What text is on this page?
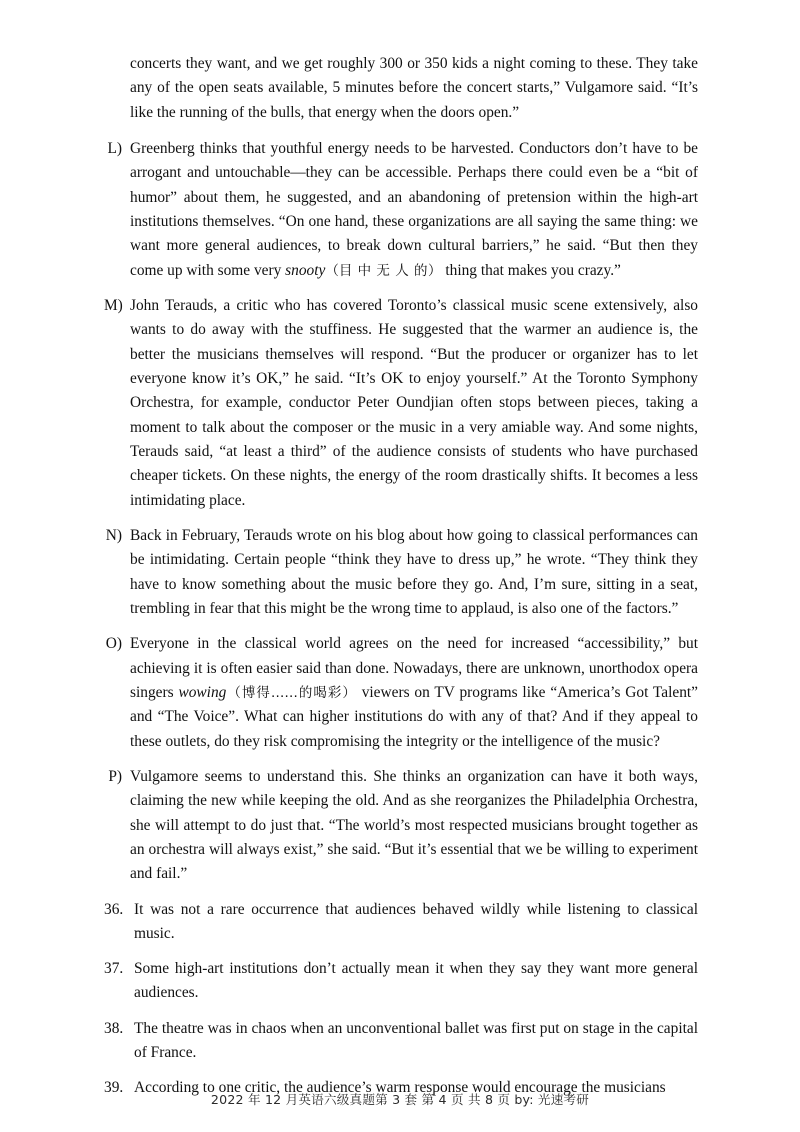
concerts they want, and we get roughly 300 or 350 kids a night coming to these. They take any of the open seats available, 5 minutes before the concert starts,” Vulgamore said. “It’s like the running of the bulls, that energy when the doors open.”
L) Greenberg thinks that youthful energy needs to be harvested. Conductors don’t have to be arrogant and untouchable—they can be accessible. Perhaps there could even be a “bit of humor” about them, he suggested, and an abandoning of pretension within the high-art institutions themselves. “On one hand, these organizations are all saying the same thing: we want more general audiences, to break down cultural barriers,” he said. “But then they come up with some very snooty（目 中 无 人 的） thing that makes you crazy.”
M) John Terauds, a critic who has covered Toronto’s classical music scene extensively, also wants to do away with the stuffiness. He suggested that the warmer an audience is, the better the musicians themselves will respond. “But the producer or organizer has to let everyone know it’s OK,” he said. “It’s OK to enjoy yourself.” At the Toronto Symphony Orchestra, for example, conductor Peter Oundjian often stops between pieces, taking a moment to talk about the composer or the music in a very amiable way. And some nights, Terauds said, “at least a third” of the audience consists of students who have purchased cheaper tickets. On these nights, the energy of the room drastically shifts. It becomes a less intimidating place.
N) Back in February, Terauds wrote on his blog about how going to classical performances can be intimidating. Certain people “think they have to dress up,” he wrote. “They think they have to know something about the music before they go. And, I’m sure, sitting in a seat, trembling in fear that this might be the wrong time to applaud, is also one of the factors.”
O) Everyone in the classical world agrees on the need for increased “accessibility,” but achieving it is often easier said than done. Nowadays, there are unknown, unorthodox opera singers wowing（博得……的喝彩） viewers on TV programs like “America’s Got Talent” and “The Voice”. What can higher institutions do with any of that? And if they appeal to these outlets, do they risk compromising the integrity or the intelligence of the music?
P) Vulgamore seems to understand this. She thinks an organization can have it both ways, claiming the new while keeping the old. And as she reorganizes the Philadelphia Orchestra, she will attempt to do just that. “The world’s most respected musicians brought together as an orchestra will always exist,” she said. “But it’s essential that we be willing to experiment and fail.”
36. It was not a rare occurrence that audiences behaved wildly while listening to classical music.
37. Some high-art institutions don’t actually mean it when they say they want more general audiences.
38. The theatre was in chaos when an unconventional ballet was first put on stage in the capital of France.
39. According to one critic, the audience’s warm response would encourage the musicians
2022 年 12 月英语六级真题第 3 套 第 4 页 共 8 页 by: 光速考研
